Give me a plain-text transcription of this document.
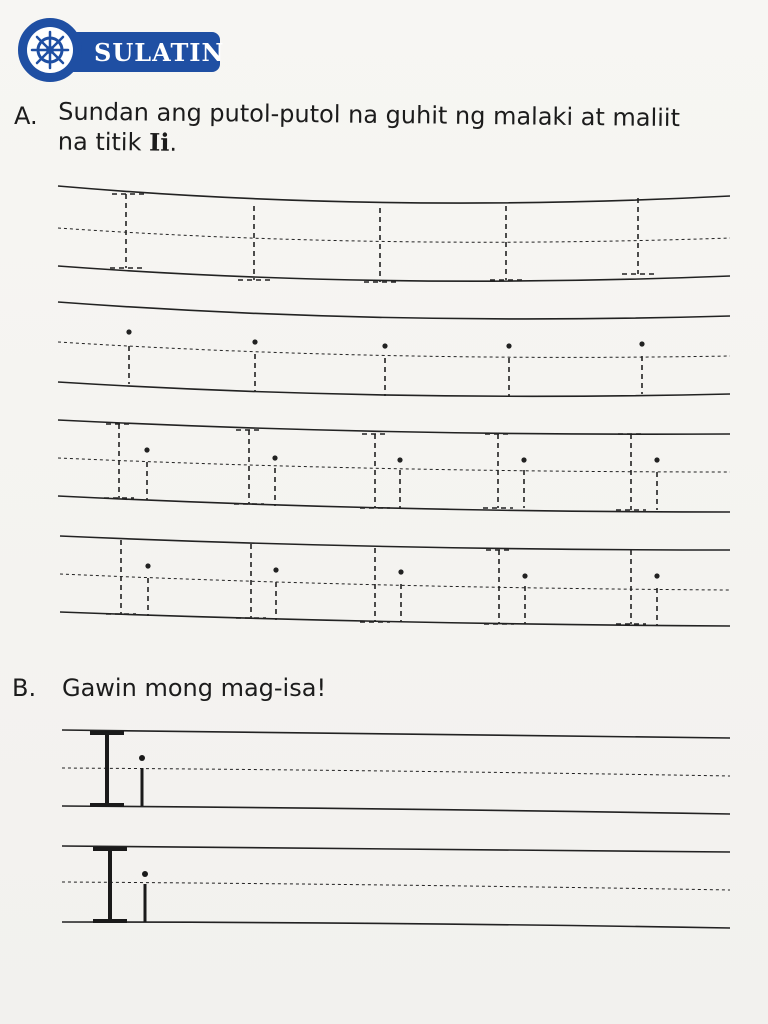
SULATIN
A. Sundan ang putol-putol na guhit ng malaki at maliit
na titik Ii.
B. Gawin mong mag-isa!
